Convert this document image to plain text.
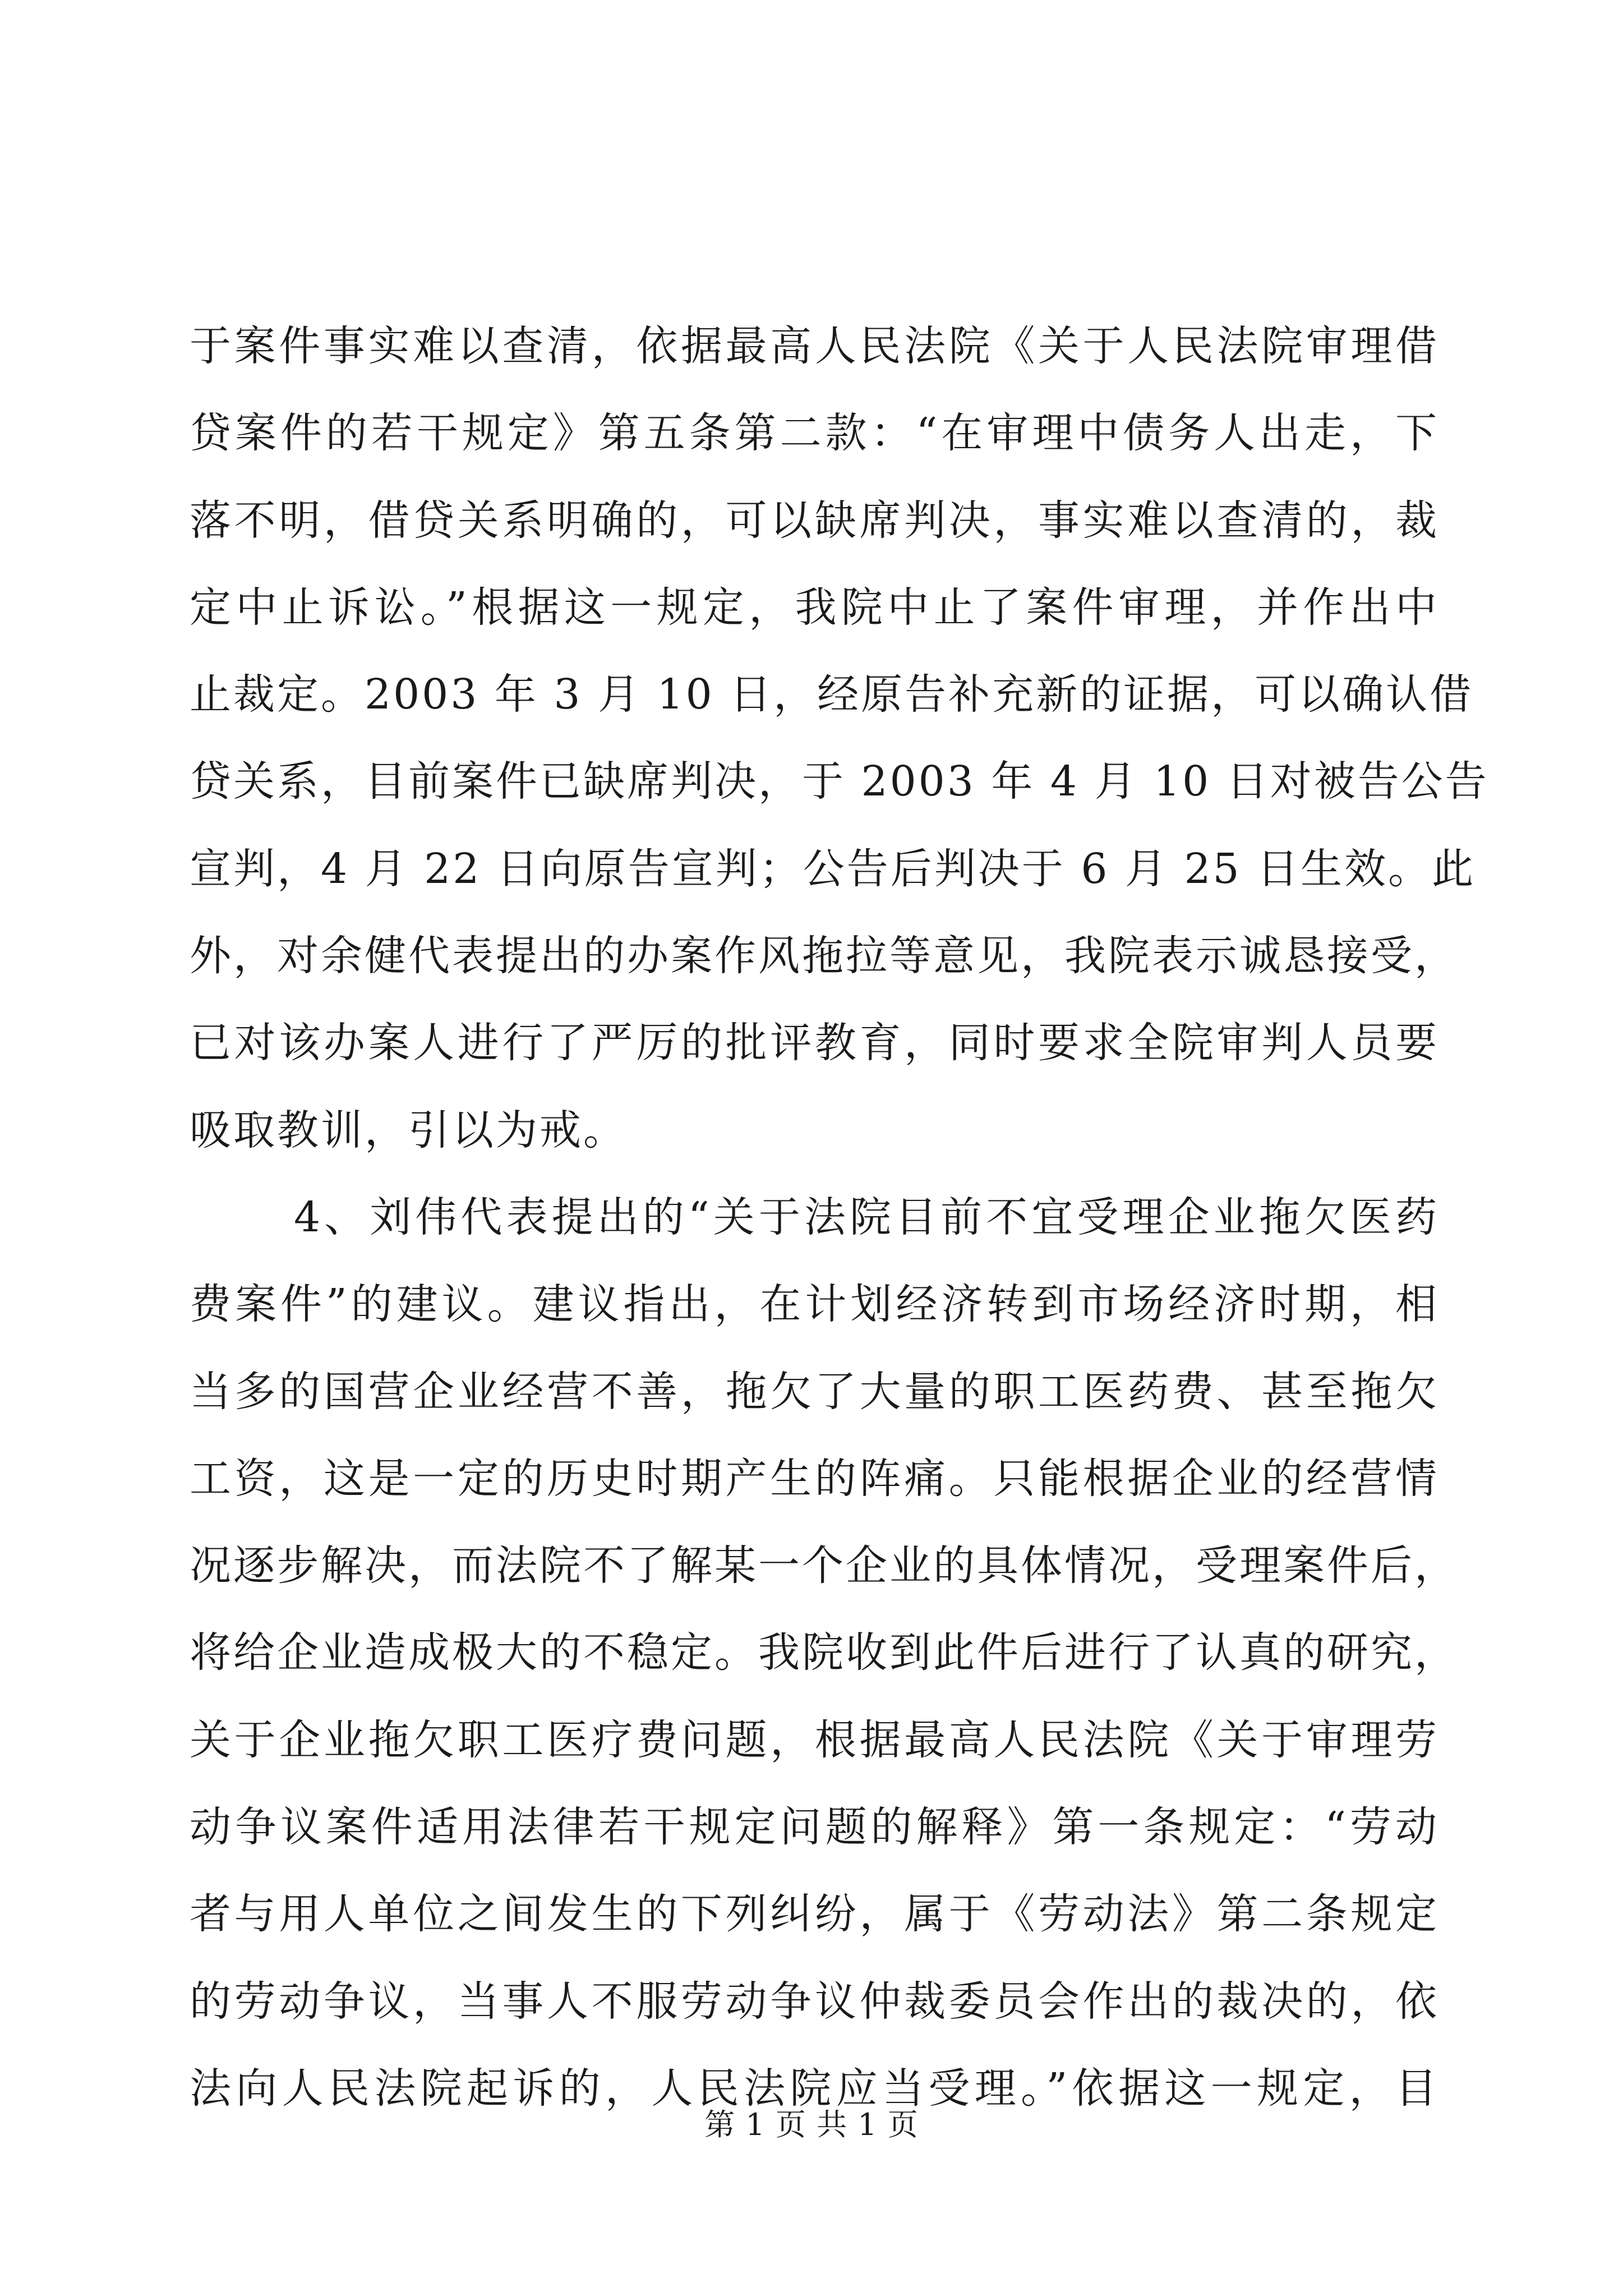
于案件事实难以查清，依据最高人民法院《关于人民法院审理借
贷案件的若干规定》第五条第二款：“在审理中债务人出走，下
落不明，借贷关系明确的，可以缺席判决，事实难以查清的，裁
定中止诉讼。”根据这一规定，我院中止了案件审理，并作出中
止裁定。2003 年 3 月 10 日，经原告补充新的证据，可以确认借
贷关系，目前案件已缺席判决，于 2003 年 4 月 10 日对被告公告
宣判，4 月 22 日向原告宣判；公告后判决于 6 月 25 日生效。此
外，对余健代表提出的办案作风拖拉等意见，我院表示诚恳接受，
已对该办案人进行了严厉的批评教育，同时要求全院审判人员要
吸取教训，引以为戒。
4、刘伟代表提出的“关于法院目前不宜受理企业拖欠医药
费案件”的建议。建议指出，在计划经济转到市场经济时期，相
当多的国营企业经营不善，拖欠了大量的职工医药费、甚至拖欠
工资，这是一定的历史时期产生的阵痛。只能根据企业的经营情
况逐步解决，而法院不了解某一个企业的具体情况，受理案件后，
将给企业造成极大的不稳定。我院收到此件后进行了认真的研究，
关于企业拖欠职工医疗费问题，根据最高人民法院《关于审理劳
动争议案件适用法律若干规定问题的解释》第一条规定：“劳动
者与用人单位之间发生的下列纠纷，属于《劳动法》第二条规定
的劳动争议，当事人不服劳动争议仲裁委员会作出的裁决的，依
法向人民法院起诉的，人民法院应当受理。”依据这一规定，目
第 1 页 共 1 页
